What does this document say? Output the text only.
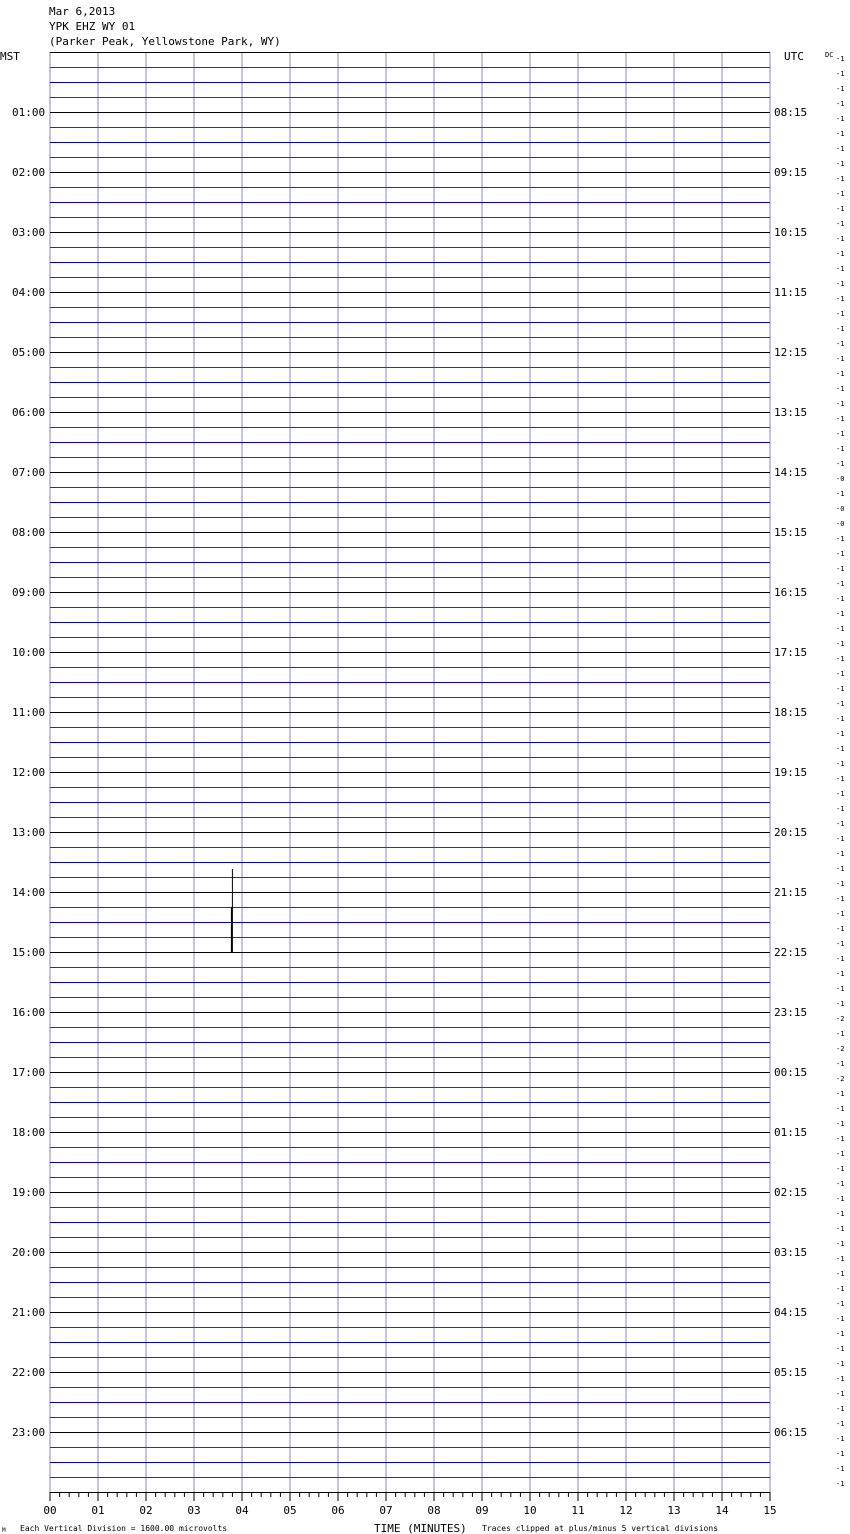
Mar 6,2013
YPK EHZ WY 01
(Parker Peak, Yellowstone Park, WY)
MST	UTC	DC
01:00
02:00
03:00
04:00
05:00
06:00
07:00
08:00
09:00
10:00
11:00
12:00
13:00
14:00
15:00
16:00
17:00
18:00
19:00
20:00
21:00
22:00
23:00
08:15
09:15
10:15
11:15
12:15
13:15
14:15
15:15
16:15
17:15
18:15
19:15
20:15
21:15
22:15
23:15
00:15
01:15
02:15
03:15
04:15
05:15
06:15
-1
-1
-1
-1
-1
-1
-1
-1
-1
-1
-1
-1
-1
-1
-1
-1
-1
-1
-1
-1
-1
-1
-1
-1
-1
-1
-1
-1
-0
-1
-0
-0
-1
-1
-1
-1
-1
-1
-1
-1
-1
-1
-1
-1
-1
-1
-1
-1
-1
-1
-1
-1
-1
-1
-1
-1
-1
-1
-1
-1
-1
-1
-1
-1
-2
-1
-2
-1
-2
-1
-1
-1
-1
-1
-1
-1
-1
-1
-1
-1
-1
-1
-1
-1
-1
-1
-1
-1
-1
-1
-1
-1
-1
-1
-1
-1
00	01	02	03	04	05	06	07	08	09	10	11	12	13	14	15
TIME (MINUTES)
Each Vertical Division = 1600.00 microvolts	Traces clipped at plus/minus 5 vertical divisions
M
